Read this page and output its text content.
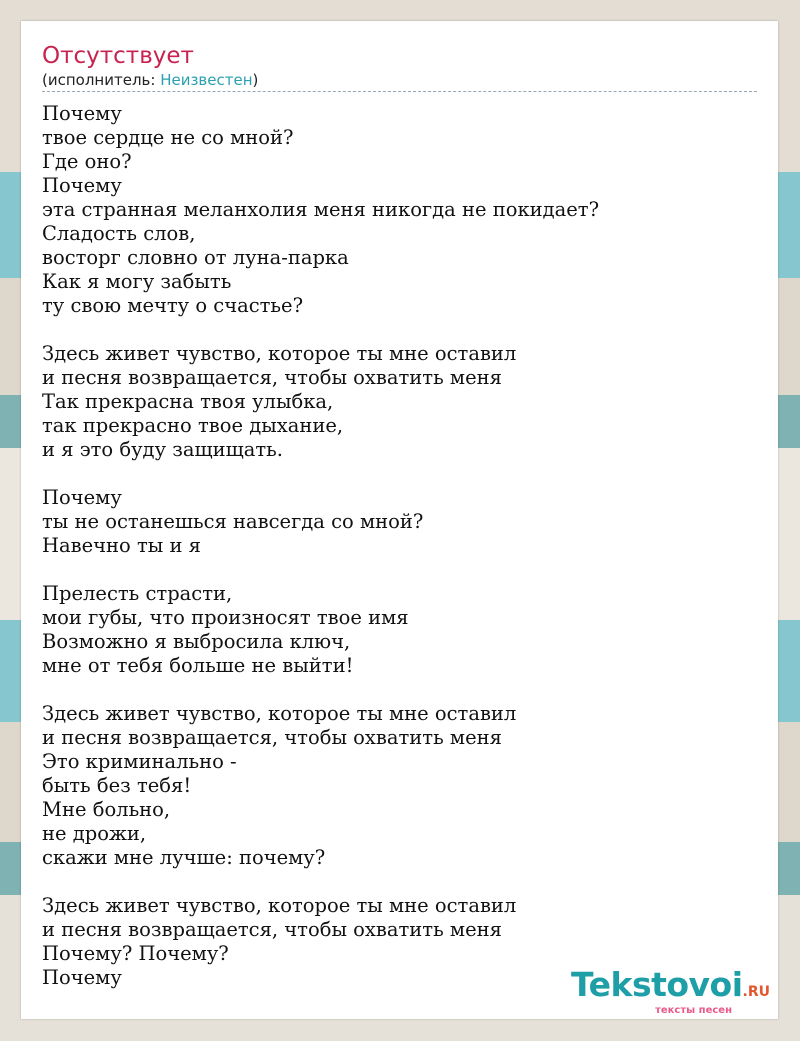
Отсутствует
(исполнитель: Неизвестен)
Почему
твое сердце не со мной?
Где оно?
Почему
эта странная меланхолия меня никогда не покидает?
Сладость слов,
восторг словно от луна-парка
Как я могу забыть
ту свою мечту о счастье?
Здесь живет чувство, которое ты мне оставил
и песня возвращается, чтобы охватить меня
Так прекрасна твоя улыбка,
так прекрасно твое дыхание,
и я это буду защищать.
Почему
ты не останешься навсегда со мной?
Навечно ты и я
Прелесть страсти,
мои губы, что произносят твое имя
Возможно я выбросила ключ,
мне от тебя больше не выйти!
Здесь живет чувство, которое ты мне оставил
и песня возвращается, чтобы охватить меня
Это криминально -
быть без тебя!
Мне больно,
не дрожи,
скажи мне лучше: почему?
Здесь живет чувство, которое ты мне оставил
и песня возвращается, чтобы охватить меня
Почему? Почему?
Почему	Tekstovoi.RU
тексты песен
